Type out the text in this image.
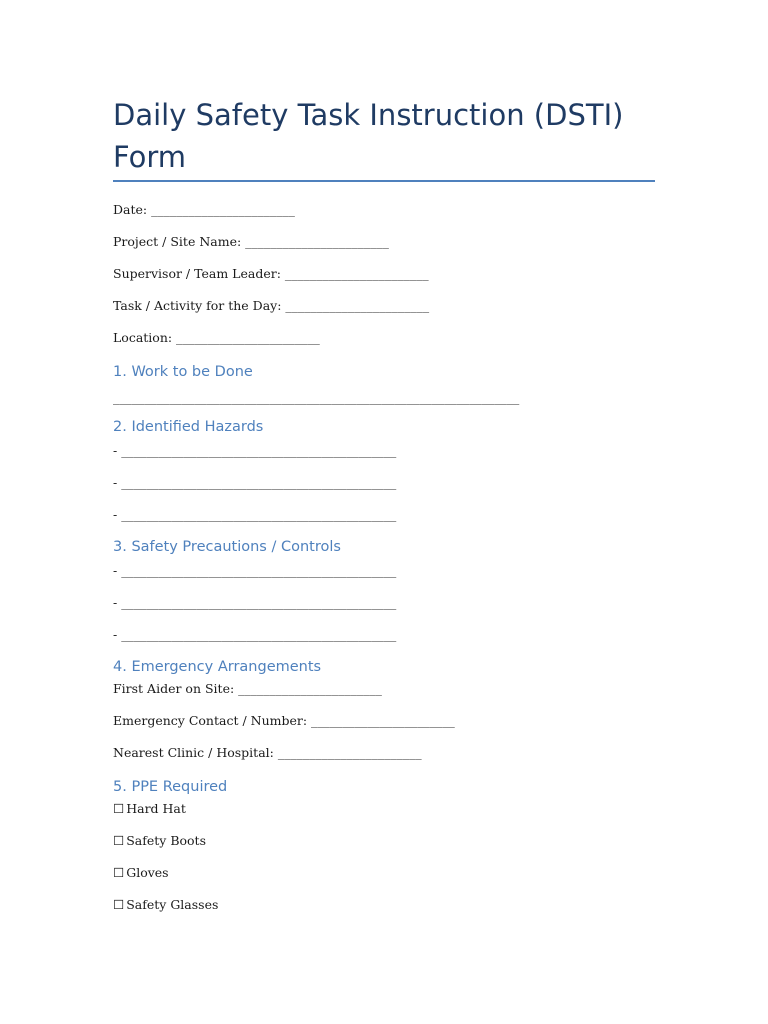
Daily Safety Task Instruction (DSTI) Form
Date: _______________________
Project / Site Name: _______________________
Supervisor / Team Leader: _______________________
Task / Activity for the Day: _______________________
Location: _______________________
1. Work to be Done
_________________________________________________________________
2. Identified Hazards
- ____________________________________________
- ____________________________________________
- ____________________________________________
3. Safety Precautions / Controls
- ____________________________________________
- ____________________________________________
- ____________________________________________
4. Emergency Arrangements
First Aider on Site: _______________________
Emergency Contact / Number: _______________________
Nearest Clinic / Hospital: _______________________
5. PPE Required
☐ Hard Hat
☐ Safety Boots
☐ Gloves
☐ Safety Glasses
